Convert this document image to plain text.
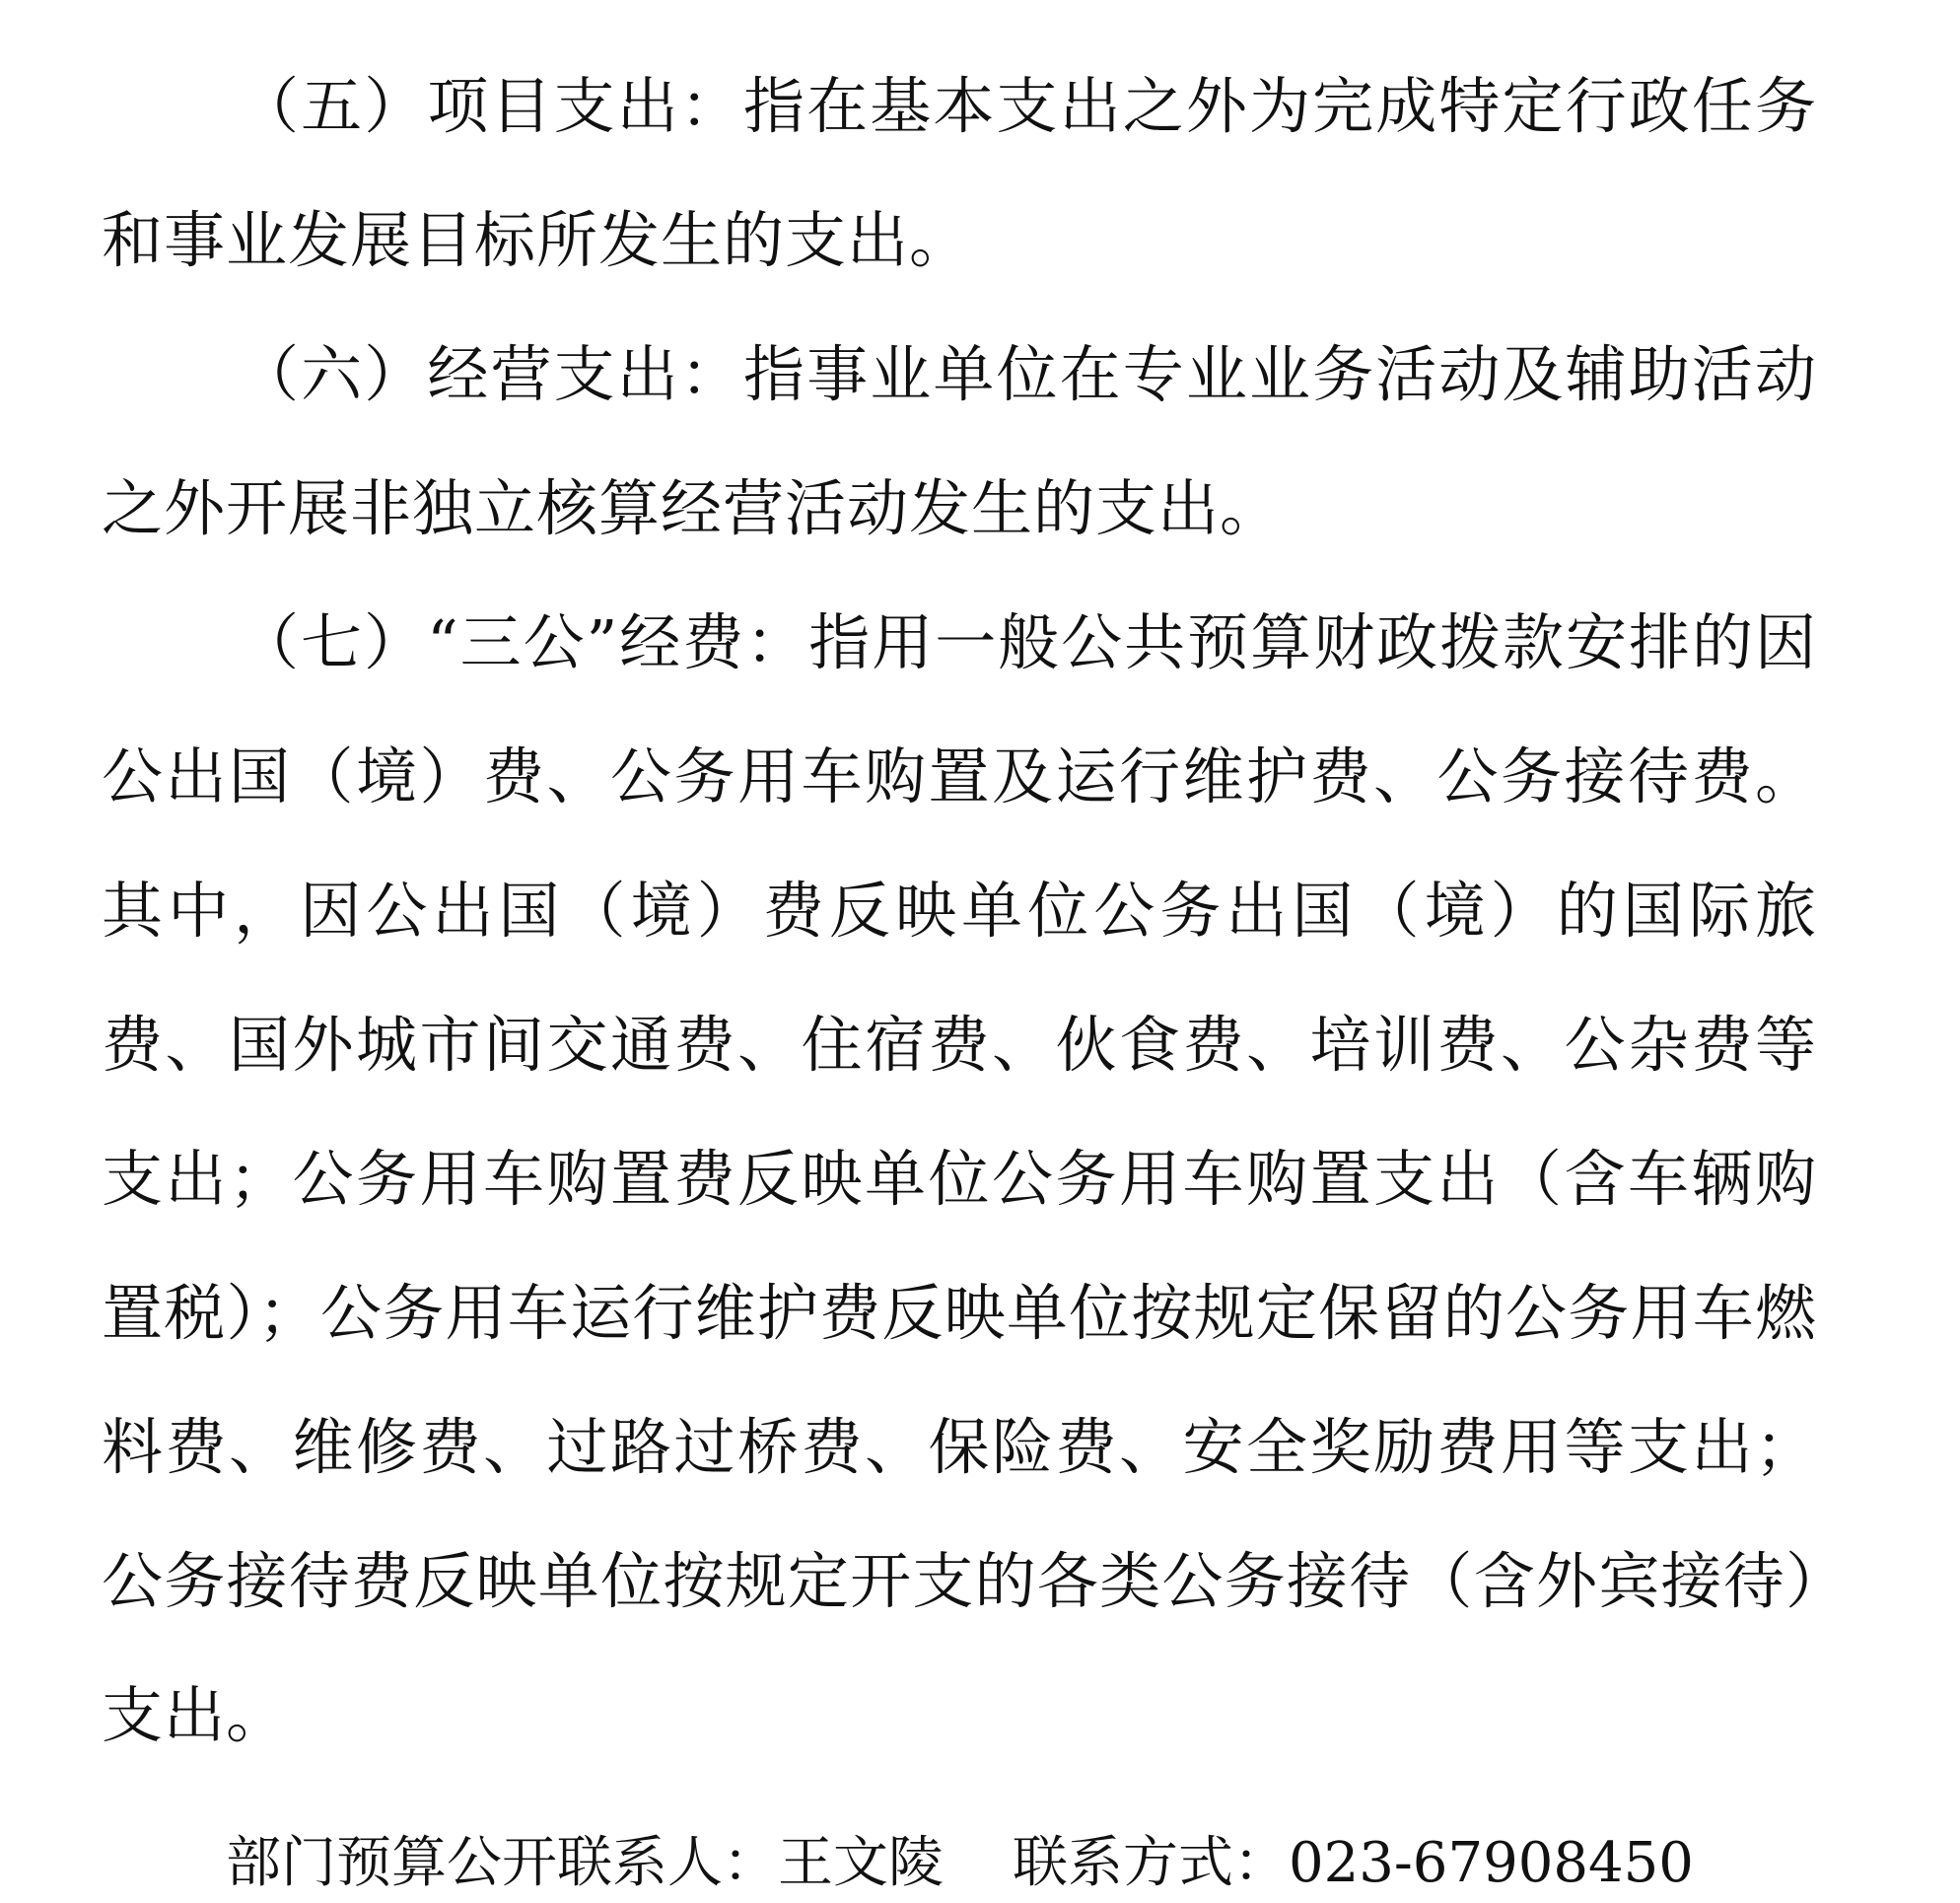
（五）项目支出：指在基本支出之外为完成特定行政任务和事业发展目标所发生的支出。

（六）经营支出：指事业单位在专业业务活动及辅助活动之外开展非独立核算经营活动发生的支出。

（七）“三公”经费：指用一般公共预算财政拨款安排的因公出国（境）费、公务用车购置及运行维护费、公务接待费。其中，因公出国（境）费反映单位公务出国（境）的国际旅费、国外城市间交通费、住宿费、伙食费、培训费、公杂费等支出；公务用车购置费反映单位公务用车购置支出（含车辆购置税）；公务用车运行维护费反映单位按规定保留的公务用车燃料费、维修费、过路过桥费、保险费、安全奖励费用等支出；公务接待费反映单位按规定开支的各类公务接待（含外宾接待）支出。

部门预算公开联系人： 王文陵 联系方式： 023-67908450
